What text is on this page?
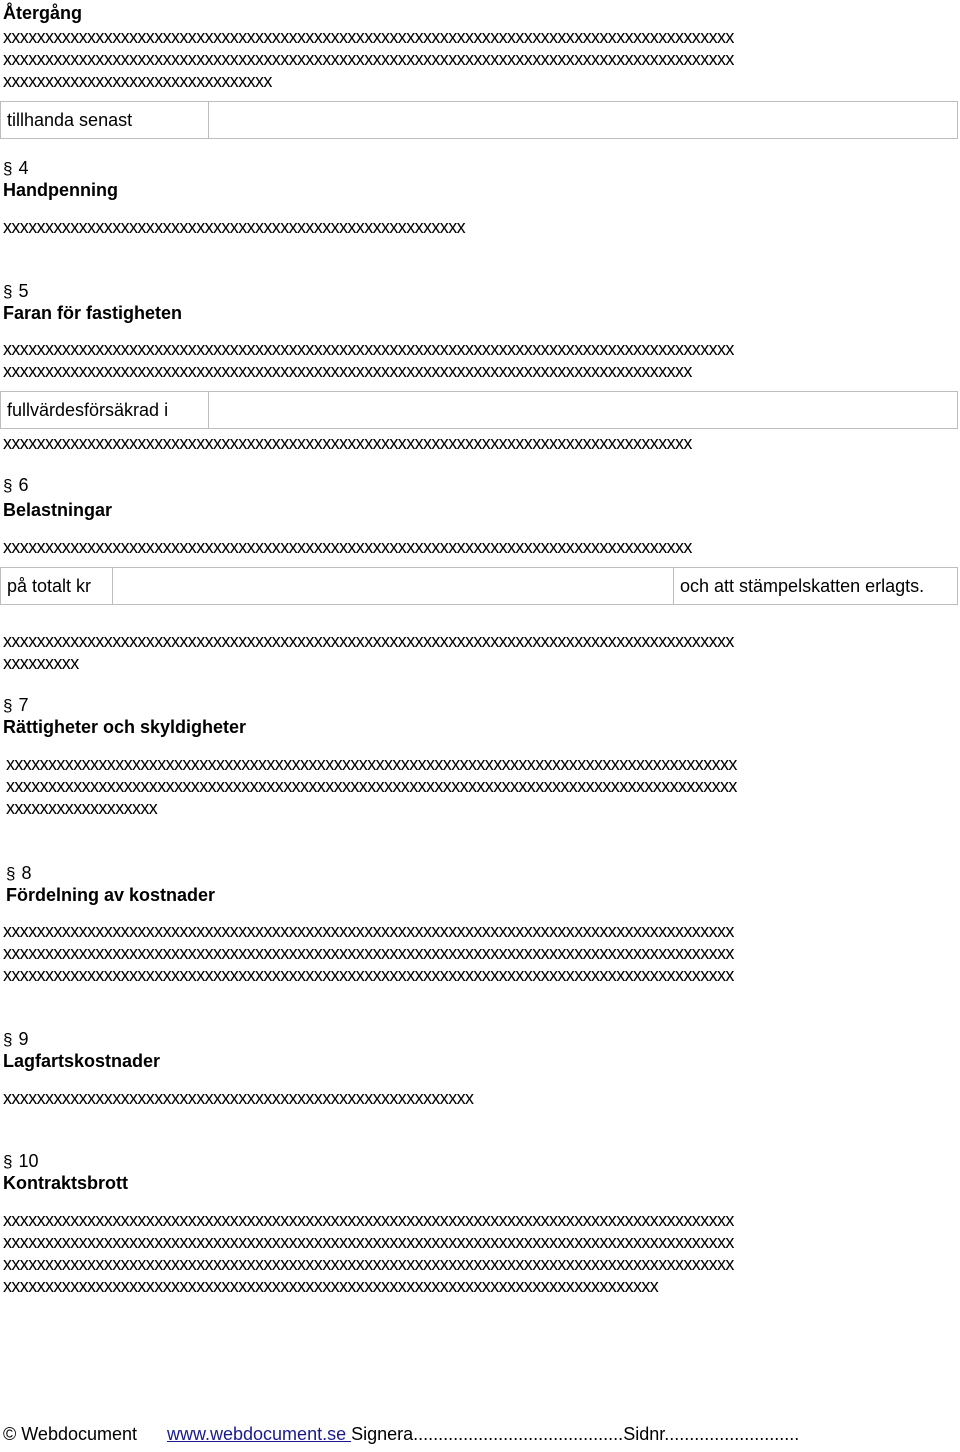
Återgång
xxxxxxxxxxxxxxxxxxxxxxxxxxxxxxxxxxxxxxxxxxxxxxxxxxxxxxxxxxxxxxxxxxxxxxxxxxxxxxxxxxxxxxx
xxxxxxxxxxxxxxxxxxxxxxxxxxxxxxxxxxxxxxxxxxxxxxxxxxxxxxxxxxxxxxxxxxxxxxxxxxxxxxxxxxxxxxx
xxxxxxxxxxxxxxxxxxxxxxxxxxxxxxxx
tillhanda senast
§ 4
Handpenning
xxxxxxxxxxxxxxxxxxxxxxxxxxxxxxxxxxxxxxxxxxxxxxxxxxxxxxx
§ 5
Faran för fastigheten
xxxxxxxxxxxxxxxxxxxxxxxxxxxxxxxxxxxxxxxxxxxxxxxxxxxxxxxxxxxxxxxxxxxxxxxxxxxxxxxxxxxxxxx
xxxxxxxxxxxxxxxxxxxxxxxxxxxxxxxxxxxxxxxxxxxxxxxxxxxxxxxxxxxxxxxxxxxxxxxxxxxxxxxxxx
fullvärdesförsäkrad i
xxxxxxxxxxxxxxxxxxxxxxxxxxxxxxxxxxxxxxxxxxxxxxxxxxxxxxxxxxxxxxxxxxxxxxxxxxxxxxxxxx
§ 6
Belastningar
xxxxxxxxxxxxxxxxxxxxxxxxxxxxxxxxxxxxxxxxxxxxxxxxxxxxxxxxxxxxxxxxxxxxxxxxxxxxxxxxxx
på totalt kr	och att stämpelskatten erlagts.
xxxxxxxxxxxxxxxxxxxxxxxxxxxxxxxxxxxxxxxxxxxxxxxxxxxxxxxxxxxxxxxxxxxxxxxxxxxxxxxxxxxxxxx
xxxxxxxxx
§ 7
Rättigheter och skyldigheter
xxxxxxxxxxxxxxxxxxxxxxxxxxxxxxxxxxxxxxxxxxxxxxxxxxxxxxxxxxxxxxxxxxxxxxxxxxxxxxxxxxxxxxx
xxxxxxxxxxxxxxxxxxxxxxxxxxxxxxxxxxxxxxxxxxxxxxxxxxxxxxxxxxxxxxxxxxxxxxxxxxxxxxxxxxxxxxx
xxxxxxxxxxxxxxxxxx
§ 8
Fördelning av kostnader
xxxxxxxxxxxxxxxxxxxxxxxxxxxxxxxxxxxxxxxxxxxxxxxxxxxxxxxxxxxxxxxxxxxxxxxxxxxxxxxxxxxxxxx
xxxxxxxxxxxxxxxxxxxxxxxxxxxxxxxxxxxxxxxxxxxxxxxxxxxxxxxxxxxxxxxxxxxxxxxxxxxxxxxxxxxxxxx
xxxxxxxxxxxxxxxxxxxxxxxxxxxxxxxxxxxxxxxxxxxxxxxxxxxxxxxxxxxxxxxxxxxxxxxxxxxxxxxxxxxxxxx
§ 9
Lagfartskostnader
xxxxxxxxxxxxxxxxxxxxxxxxxxxxxxxxxxxxxxxxxxxxxxxxxxxxxxxx
§ 10
Kontraktsbrott
xxxxxxxxxxxxxxxxxxxxxxxxxxxxxxxxxxxxxxxxxxxxxxxxxxxxxxxxxxxxxxxxxxxxxxxxxxxxxxxxxxxxxxx
xxxxxxxxxxxxxxxxxxxxxxxxxxxxxxxxxxxxxxxxxxxxxxxxxxxxxxxxxxxxxxxxxxxxxxxxxxxxxxxxxxxxxxx
xxxxxxxxxxxxxxxxxxxxxxxxxxxxxxxxxxxxxxxxxxxxxxxxxxxxxxxxxxxxxxxxxxxxxxxxxxxxxxxxxxxxxxx
xxxxxxxxxxxxxxxxxxxxxxxxxxxxxxxxxxxxxxxxxxxxxxxxxxxxxxxxxxxxxxxxxxxxxxxxxxxxxx
© Webdocument www.webdocument.se Signera..........................................Sidnr...........................
